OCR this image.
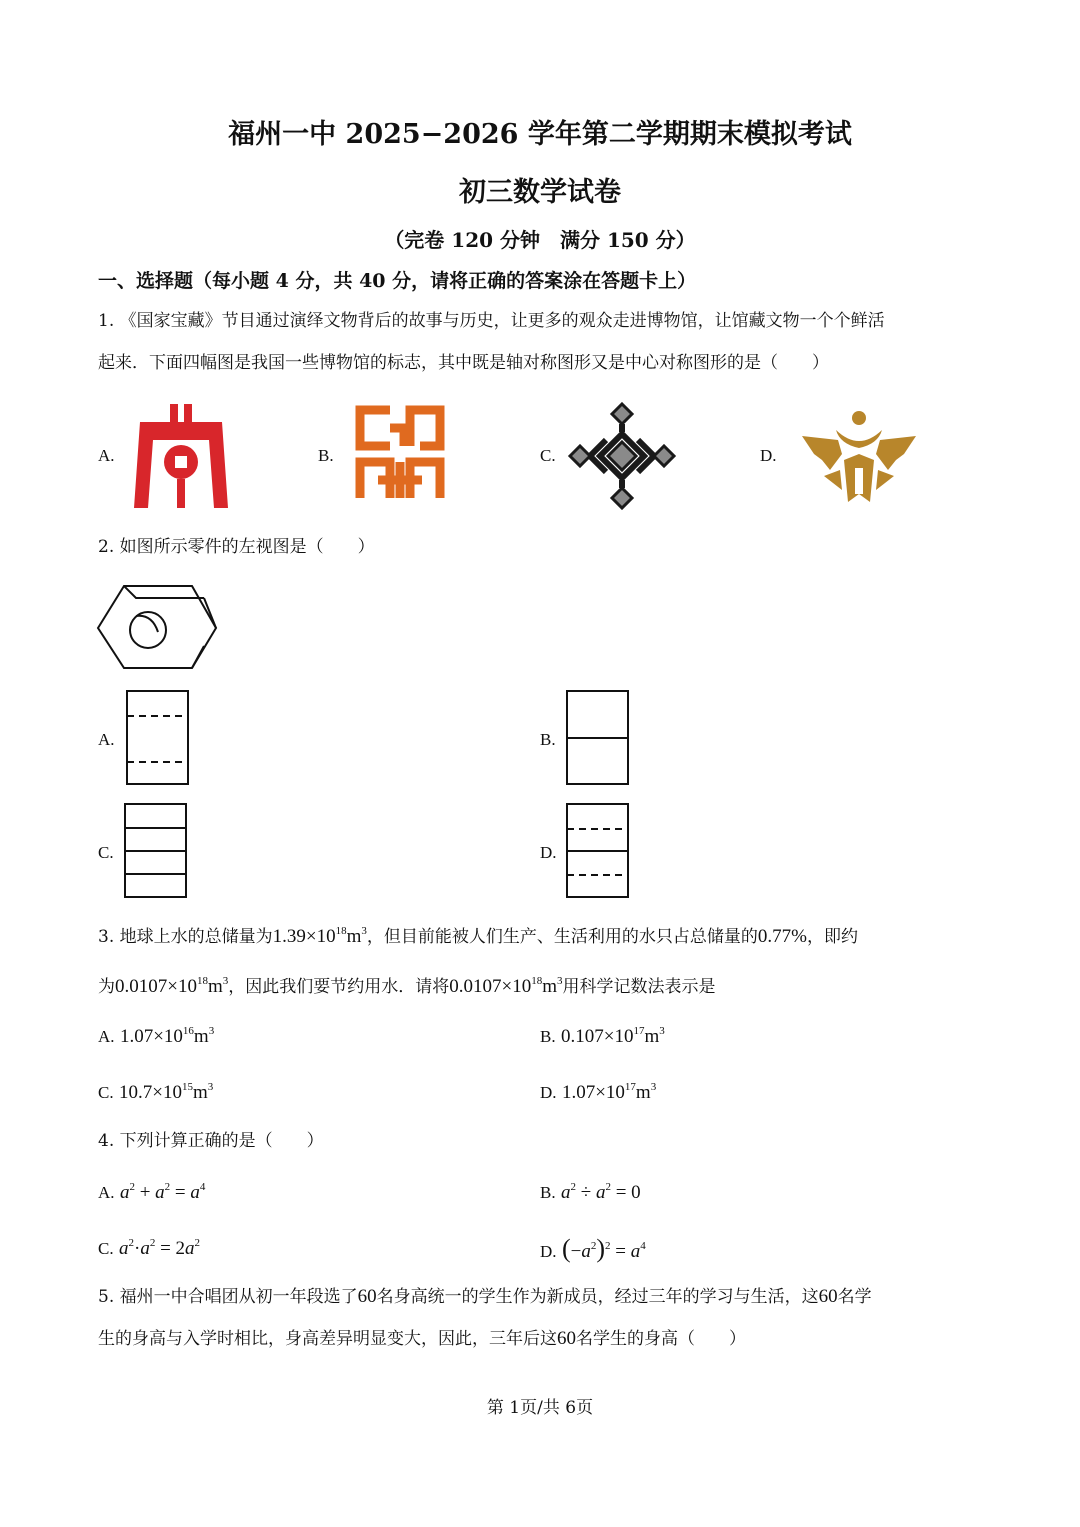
福州一中 2025−2026 学年第二学期期末模拟考试
初三数学试卷
（完卷 120 分钟　满分 150 分）
一、选择题（每小题 4 分，共 40 分，请将正确的答案涂在答题卡上）
1. 《国家宝藏》节目通过演绎文物背后的故事与历史，让更多的观众走进博物馆，让馆藏文物一个个鲜活
起来．下面四幅图是我国一些博物馆的标志，其中既是轴对称图形又是中心对称图形的是（　　）
A.	B.	C.	D.
2. 如图所示零件的左视图是（　　）
A.	B.
C.	D.
3. 地球上水的总储量为$1.39\times 10^{18}m^3$，但目前能被人们生产、生活利用的水只占总储量的0.77%，即约
为$0.0107\times 10^{18}m^3$，因此我们要节约用水．请将$0.0107\times 10^{18}m^3$用科学记数法表示是
A. $1.07\times 10^{16}m^3$	B. $0.107\times 10^{17}m^3$
C. $10.7\times 10^{15}m^3$	D. $1.07\times 10^{17}m^3$
4. 下列计算正确的是（　　）
A. $a^2 + a^2 = a^4$	B. $a^2 \div a^2 = 0$
C. $a^2\cdot a^2 = 2a^2$	D. $(-a^2)^2 = a^4$
5. 福州一中合唱团从初一年段选了60名身高统一的学生作为新成员，经过三年的学习与生活，这60名学
生的身高与入学时相比，身高差异明显变大，因此，三年后这60名学生的身高（　　）
第 1页/共 6页
